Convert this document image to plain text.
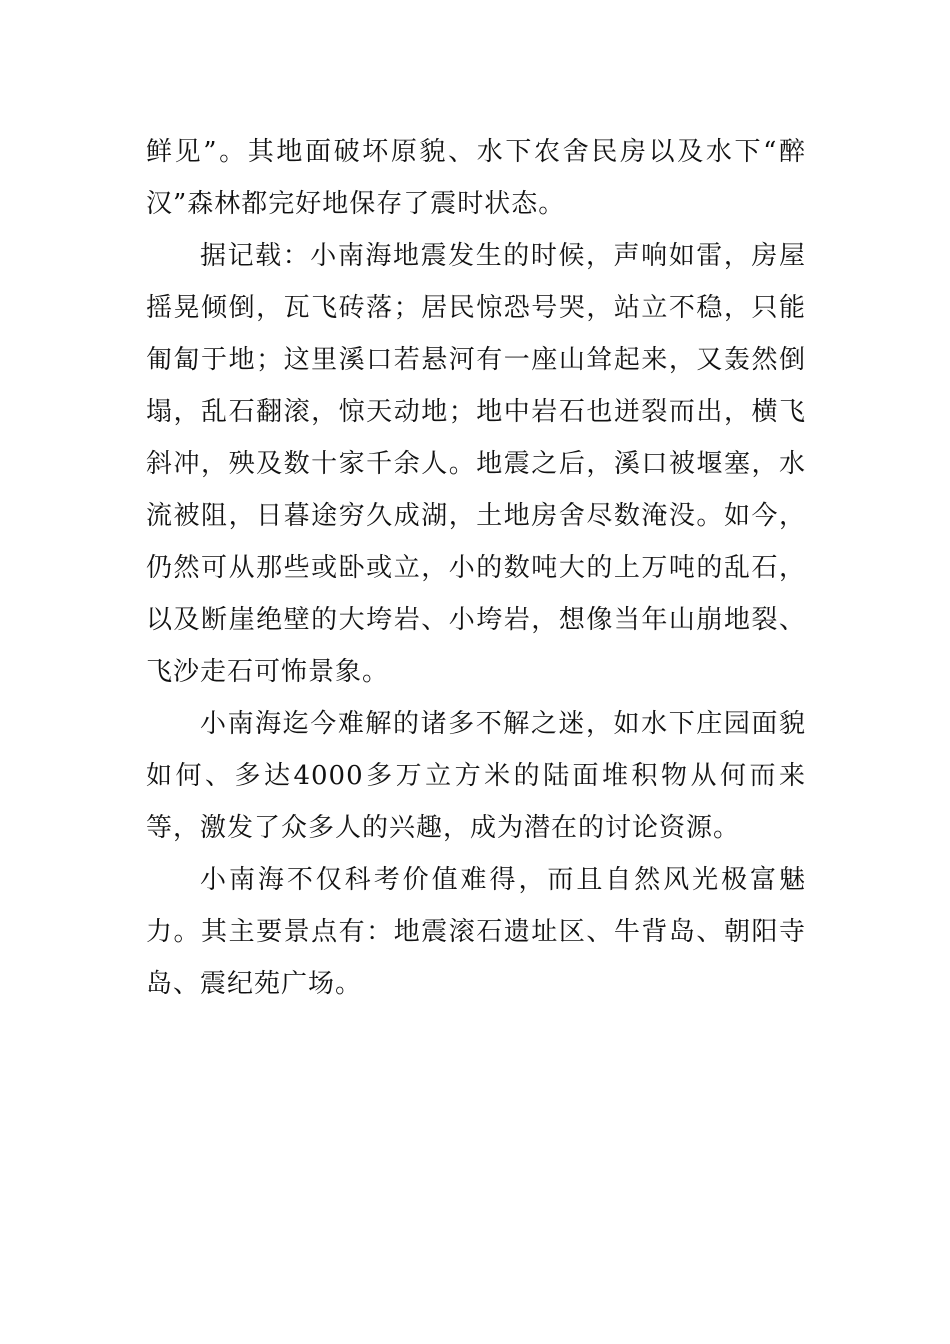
鲜见”。其地面破坏原貌、水下农舍民房以及水下“醉汉”森林都完好地保存了震时状态。

据记载：小南海地震发生的时候，声响如雷，房屋摇晃倾倒，瓦飞砖落；居民惊恐号哭，站立不稳，只能匍匐于地；这里溪口若悬河有一座山耸起来，又轰然倒塌，乱石翻滚，惊天动地；地中岩石也迸裂而出，横飞斜冲，殃及数十家千余人。地震之后，溪口被堰塞，水流被阻，日暮途穷久成湖，土地房舍尽数淹没。如今，仍然可从那些或卧或立，小的数吨大的上万吨的乱石，以及断崖绝壁的大垮岩、小垮岩，想像当年山崩地裂、飞沙走石可怖景象。

小南海迄今难解的诸多不解之迷，如水下庄园面貌如何、多达4000多万立方米的陆面堆积物从何而来等，激发了众多人的兴趣，成为潜在的讨论资源。

小南海不仅科考价值难得，而且自然风光极富魅力。其主要景点有：地震滚石遗址区、牛背岛、朝阳寺岛、震纪苑广场。
